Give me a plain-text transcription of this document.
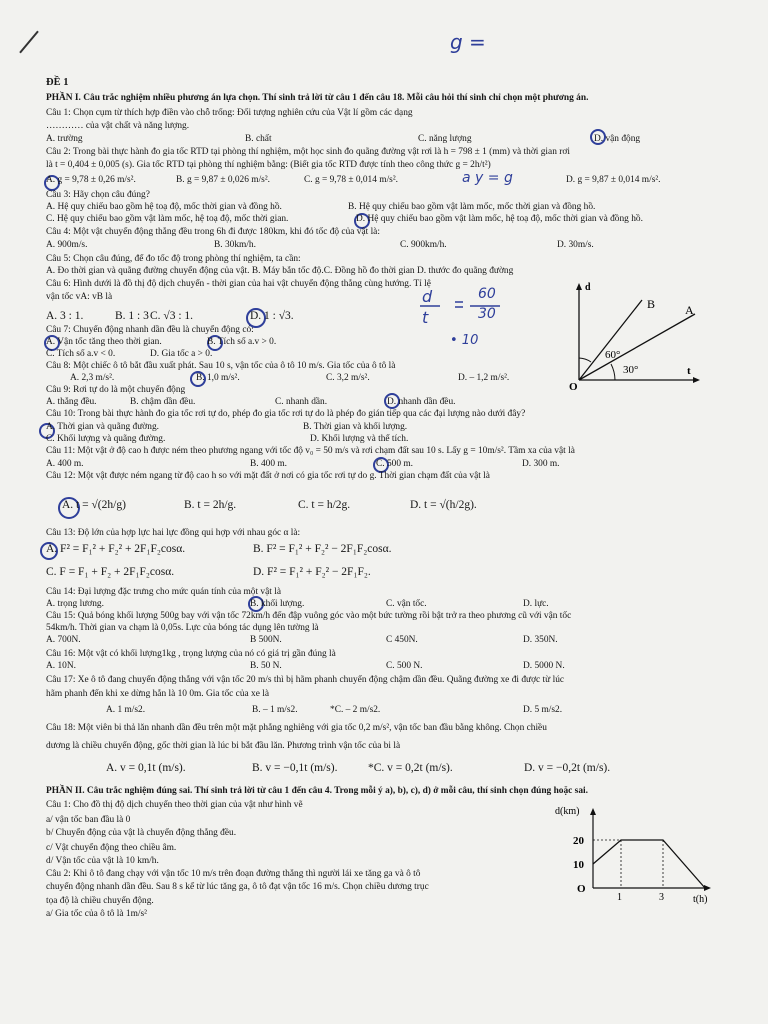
g =
a y = g
d
t
60
30
• 10
ĐỀ 1
PHẦN I. Câu trắc nghiệm nhiều phương án lựa chọn. Thí sinh trả lời từ câu 1 đến câu 18. Mỗi câu hỏi thí sinh chỉ chọn một phương án.
Câu 1: Chọn cụm từ thích hợp điền vào chỗ trống: Đối tượng nghiên cứu của Vật lí gồm các dạng
………… của vật chất và năng lượng.
A. trường	B. chất	C. năng lượng	D. vận động
Câu 2: Trong bài thực hành đo gia tốc RTD tại phòng thí nghiệm, một học sinh đo quãng đường vật rơi là h = 798 ± 1 (mm) và thời gian rơi
là t = 0,404 ± 0,005 (s). Gia tốc RTD tại phòng thí nghiệm bằng: (Biết gia tốc RTD được tính theo công thức g = 2h/t²)
A. g = 9,78 ± 0,26 m/s².	B. g = 9,87 ± 0,026 m/s².	C. g = 9,78 ± 0,014 m/s².	D. g = 9,87 ± 0,014 m/s².
Câu 3: Hãy chọn câu đúng?
A. Hệ quy chiếu bao gồm hệ toạ độ, mốc thời gian và đồng hồ.	B. Hệ quy chiếu bao gồm vật làm mốc, mốc thời gian và đồng hồ.
C. Hệ quy chiếu bao gồm vật làm mốc, hệ toạ độ, mốc thời gian.	D. Hệ quy chiếu bao gồm vật làm mốc, hệ toạ độ, mốc thời gian và đồng hồ.
Câu 4: Một vật chuyển động thẳng đều trong 6h đi được 180km, khi đó tốc độ của vật là:
A. 900m/s.	B. 30km/h.	C. 900km/h.	D. 30m/s.
Câu 5: Chọn câu đúng, để đo tốc độ trong phòng thí nghiệm, ta cần:
A. Đo thời gian và quãng đường chuyển động của vật. B. Máy bắn tốc độ.C. Đồng hồ đo thời gian D. thước đo quãng đường
Câu 6: Hình dưới là đồ thị độ dịch chuyển - thời gian của hai vật chuyển động thẳng cùng hướng. Tỉ lệ
vận tốc vA: vB là
A. 3 : 1.	B. 1 : 3 C. √3 : 1.	D. 1 : √3.
Câu 7: Chuyển động nhanh dần đều là chuyển động có:
A. Vận tốc tăng theo thời gian.	B. Tích số a.v > 0.
C. Tích số a.v < 0.	D. Gia tốc a > 0.
Câu 8: Một chiếc ô tô bắt đầu xuất phát. Sau 10 s, vận tốc của ô tô 10 m/s. Gia tốc của ô tô là
A. 2,3 m/s².	B. 1,0 m/s².	C. 3,2 m/s².	D. – 1,2 m/s².
Câu 9: Rơi tự do là một chuyển động
A. thẳng đều.	B. chậm dần đều.	C. nhanh dần.	D. nhanh dần đều.
Câu 10: Trong bài thực hành đo gia tốc rơi tự do, phép đo gia tốc rơi tự do là phép đo gián tiếp qua các đại lượng nào dưới đây?
A. Thời gian và quãng đường.	B. Thời gian và khối lượng.
C. Khối lượng và quãng đường.	D. Khối lượng và thể tích.
Câu 11: Một vật ở độ cao h được ném theo phương ngang với tốc độ v₀ = 50 m/s và rơi chạm đất sau 10 s. Lấy g = 10m/s². Tầm xa của vật là
A. 400 m.	B. 400 m.	C. 500 m.	D. 300 m.
Câu 12: Một vật được ném ngang từ độ cao h so với mặt đất ở nơi có gia tốc rơi tự do g. Thời gian chạm đất của vật là
A. t = √(2h/g)	B. t = 2h/g.	C. t = h/2g.	D. t = √(h/2g).
Câu 13: Độ lớn của hợp lực hai lực đồng qui hợp với nhau góc α là:
A. F² = F₁² + F₂² + 2F₁F₂cosα.	B. F² = F₁² + F₂² − 2F₁F₂cosα.
C. F = F₁ + F₂ + 2F₁F₂cosα.	D. F² = F₁² + F₂² − 2F₁F₂.
Câu 14: Đại lượng đặc trưng cho mức quán tính của một vật là
A. trọng lương.	B. khối lượng.	C. vận tốc.	D. lực.
Câu 15: Quả bóng khối lượng 500g bay với vận tốc 72km/h đến đập vuông góc vào một bức tường rồi bật trở ra theo phương cũ với vận tốc
54km/h. Thời gian va chạm là 0,05s. Lực của bóng tác dụng lên tường là
A. 700N.	B 500N.	C 450N.	D. 350N.
Câu 16: Một vật có khối lượng1kg , trọng lượng của nó có giá trị gần đúng là
A. 10N.	B. 50 N.	C. 500 N.	D. 5000 N.
Câu 17: Xe ô tô đang chuyển động thẳng với vận tốc 20 m/s thì bị hãm phanh chuyển động chậm dần đều. Quãng đường xe đi được từ lúc
hãm phanh đến khi xe dừng hẳn là 10 0m. Gia tốc của xe là
A. 1 m/s2.	B. – 1 m/s2.	*C. – 2 m/s2.	D. 5 m/s2.
Câu 18: Một viên bi thả lăn nhanh dần đều trên một mặt phẳng nghiêng với gia tốc 0,2 m/s², vận tốc ban đầu bằng không. Chọn chiều
dương là chiều chuyển động, gốc thời gian là lúc bi bắt đầu lăn. Phương trình vận tốc của bi là
A. v = 0,1t (m/s).	B. v = −0,1t (m/s).	*C. v = 0,2t (m/s).	D. v = −0,2t (m/s).
PHẦN II. Câu trắc nghiệm đúng sai. Thí sinh trả lời từ câu 1 đến câu 4. Trong mỗi ý a), b), c), d) ở mỗi câu, thí sinh chọn đúng hoặc sai.
Câu 1: Cho đồ thị độ dịch chuyển theo thời gian của vật như hình vẽ
a/ vận tốc ban đầu là 0
b/ Chuyển động của vật là chuyển động thẳng đều.
c/ Vật chuyển động theo chiều âm.
d/ Vận tốc của vật là 10 km/h.
Câu 2: Khi ô tô đang chạy với vận tốc 10 m/s trên đoạn đường thẳng thì người lái xe tăng ga và ô tô
chuyển động nhanh dần đều. Sau 8 s kể từ lúc tăng ga, ô tô đạt vận tốc 16 m/s. Chọn chiều dương trục
tọa độ là chiều chuyển động.
a/ Gia tốc của ô tô là 1m/s²
d
B A
60°
30°
O
t
d(km)
20
10
O
1	3	t(h)
